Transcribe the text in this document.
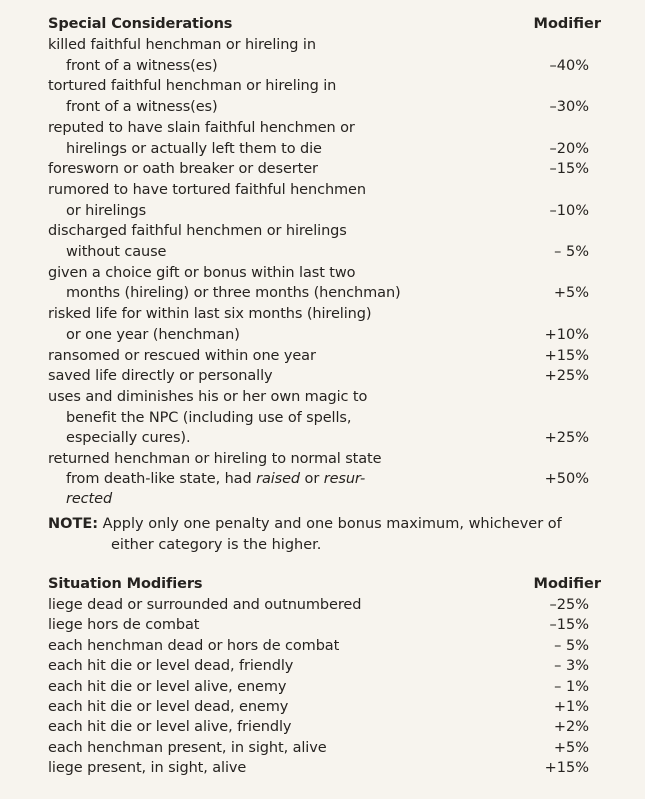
Special Considerations	Modifier
killed faithful henchman or hireling in
front of a witness(es)	–40%
tortured faithful henchman or hireling in
front of a witness(es)	–30%
reputed to have slain faithful henchmen or
hirelings or actually left them to die	–20%
foresworn or oath breaker or deserter	–15%
rumored to have tortured faithful henchmen
or hirelings	–10%
discharged faithful henchmen or hirelings
without cause	– 5%
given a choice gift or bonus within last two
months (hireling) or three months (henchman)	+5%
risked life for within last six months (hireling)
or one year (henchman)	+10%
ransomed or rescued within one year	+15%
saved life directly or personally	+25%
uses and diminishes his or her own magic to
benefit the NPC (including use of spells,
especially cures).	+25%
returned henchman or hireling to normal state
from death-like state, had raised or resur-	+50%
rected
NOTE: Apply only one penalty and one bonus maximum, whichever of
either category is the higher.
Situation Modifiers	Modifier
liege dead or surrounded and outnumbered	–25%
liege hors de combat	–15%
each henchman dead or hors de combat	– 5%
each hit die or level dead, friendly	– 3%
each hit die or level alive, enemy	– 1%
each hit die or level dead, enemy	+1%
each hit die or level alive, friendly	+2%
each henchman present, in sight, alive	+5%
liege present, in sight, alive	+15%
